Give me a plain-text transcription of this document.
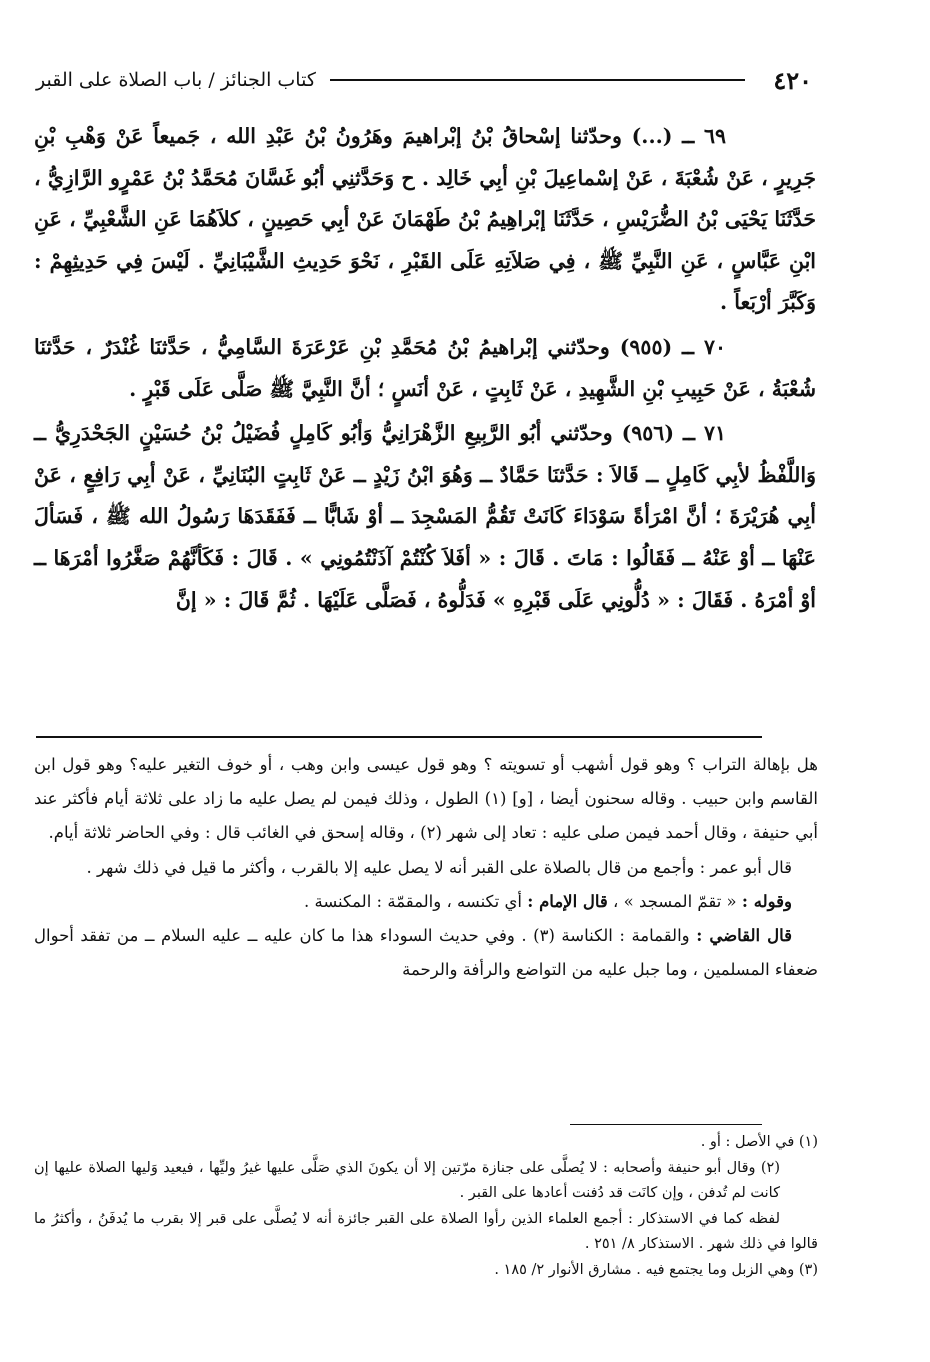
٤٢٠
كتاب الجنائز / باب الصلاة على القبر

٦٩ ــ (...) وحدّثنا إسْحاقُ بْنُ إبْراهيمَ وهَرُونُ بْنُ عَبْدِ الله ، جَميعاً عَنْ وَهْبِ بْنِ جَرِيرٍ ، عَنْ شُعْبَةَ ، عَنْ إسْماعِيلَ بْنِ أبِي خَالِد . ح وَحَدَّثنِي أبُو غَسَّانَ مُحَمَّدُ بْنُ عَمْرٍو الرَّازِيُّ ، حَدَّثَنَا يَحْيَى بْنُ الضُّرَيْسِ ، حَدَّثَنَا إبْراهِيمُ بْنُ طَهْمَانَ عَنْ أبِي حَصِينٍ ، كلاَهُمَا عَنِ الشَّعْبِيِّ ، عَنِ ابْنِ عَبَّاسٍ ، عَنِ النَّبِيِّ ﷺ ، فِي صَلاَتِهِ عَلَى القَبْرِ ، نَحْوَ حَدِيثِ الشَّيْبَانِيِّ . لَيْسَ فِي حَدِيثِهِمْ : وَكَبَّرَ أرْبَعاً .

٧٠ ــ (٩٥٥) وحدّثني إبْراهيمُ بْنُ مُحَمَّدِ بْنِ عَرْعَرَةَ السَّامِيُّ ، حَدَّثنَا غُنْدَرٌ ، حَدَّثنَا شُعْبَةُ ، عَنْ حَبِيبِ بْنِ الشَّهِيدِ ، عَنْ ثَابِتٍ ، عَنْ أنَسٍ ؛ أنَّ النَّبِيَّ ﷺ صَلَّى عَلَى قَبْرٍ .

٧١ ــ (٩٥٦) وحدّثني أبُو الرَّبِيعِ الزَّهْرَانِيُّ وَأبُو كَامِلٍ فُضَيْلُ بْنُ حُسَيْنٍ الجَحْدَرِيُّ ــ وَاللَّفْظُ لأبِي كَامِلٍ ــ قَالاَ : حَدَّثنَا حَمَّادٌ ــ وَهُوَ ابْنُ زَيْدٍ ــ عَنْ ثَابِتٍ البُنَانِيِّ ، عَنْ أبِي رَافِعٍ ، عَنْ أبِي هُرَيْرَةَ ؛ أنَّ امْرَأةً سَوْدَاءَ كَانَتْ تَقُمُّ المَسْجِدَ ــ أوْ شَابًّا ــ فَفَقَدَهَا رَسُولُ الله ﷺ ، فَسَألَ عَنْهَا ــ أوْ عَنْهُ ــ فَقَالُوا : مَاتَ . قَالَ : « أفَلاَ كُنْتُمْ آذَنْتُمُونِي » . قَالَ : فَكَأنَّهُمْ صَغَّرُوا أمْرَهَا ــ أوْ أمْرَهُ . فَقَالَ : « دُلُّونِي عَلَى قَبْرِهِ » فَدَلُّوهُ ، فَصَلَّى عَلَيْهَا . ثُمَّ قَالَ : « إنَّ

هل بإهالة التراب ؟ وهو قول أشهب أو تسويته ؟ وهو قول عيسى وابن وهب ، أو خوف التغير عليه؟ وهو قول ابن القاسم وابن حبيب . وقاله سحنون أيضا ، [و] (١) الطول ، وذلك فيمن لم يصل عليه ما زاد على ثلاثة أيام فأكثر عند أبي حنيفة ، وقال أحمد فيمن صلى عليه : تعاد إلى شهر (٢) ، وقاله إسحق في الغائب قال : وفي الحاضر ثلاثة أيام.

قال أبو عمر : وأجمع من قال بالصلاة على القبر أنه لا يصل عليه إلا بالقرب ، وأكثر ما قيل في ذلك شهر .

وقوله : « تقمّ المسجد » ، قال الإمام : أي تكنسه ، والمقمّة : المكنسة .

قال القاضي : والقمامة : الكناسة (٣) . وفي حديث السوداء هذا ما كان عليه ــ عليه السلام ــ من تفقد أحوال ضعفاء المسلمين ، وما جبل عليه من التواضع والرأفة والرحمة

(١) في الأصل : أو .

(٢) وقال أبو حنيفة وأصحابه : لا يُصلَّى على جنازة مرّتين إلا أن يكونَ الذي صَلَّى عليها غيرُ وليِّها ، فيعيد وَليها الصلاة عليها إن كانت لم تُدفن ، وإن كانَت قد دُفنت أعادها على القبر .

لفظه كما في الاستذكار : أجمع العلماء الذين رأوا الصلاة على القبر جائزة أنه لا يُصلَّى على قبر إلا بقرب ما يُدفَنُ ، وأكثرُ ما قالوا في ذلك شهر . الاستذكار ٨/ ٢٥١ .

(٣) وهي الزبل وما يجتمع فيه . مشارق الأنوار ٢/ ١٨٥ .
